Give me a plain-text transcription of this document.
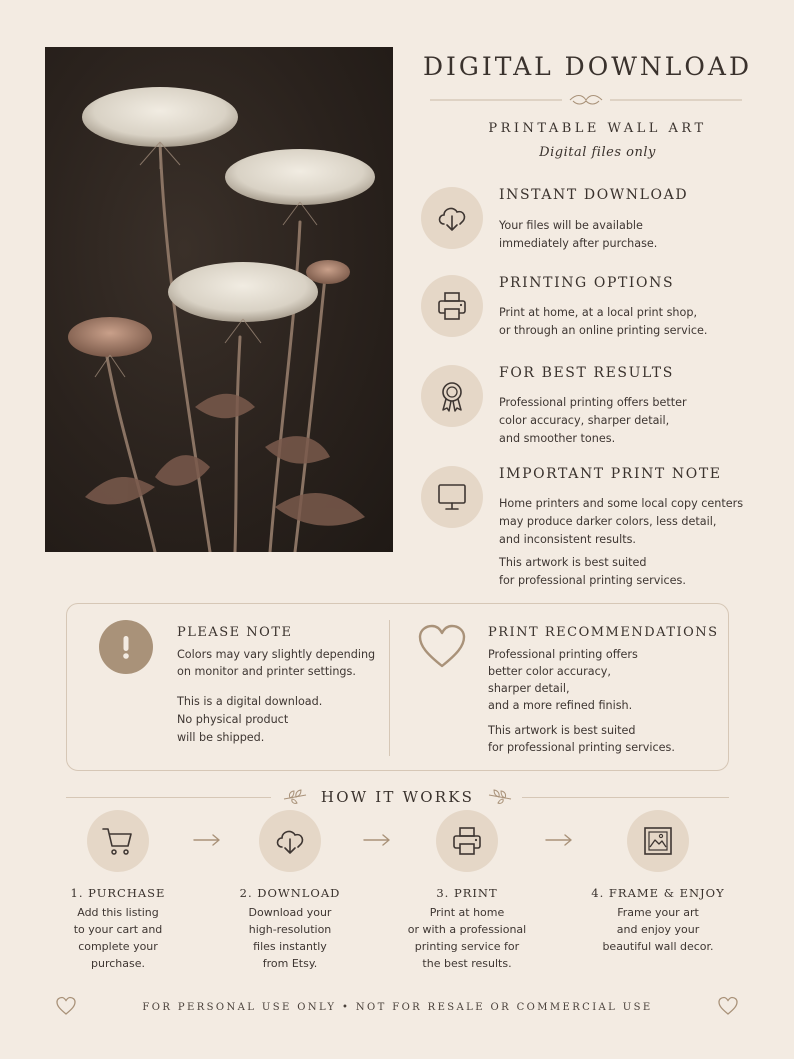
DIGITAL DOWNLOAD
PRINTABLE WALL ART
Digital files only
INSTANT DOWNLOAD

Your files will be available

immediately after purchase.

PRINTING OPTIONS

Print at home, at a local print shop,

or through an online printing service.

FOR BEST RESULTS

Professional printing offers better

color accuracy, sharper detail,

and smoother tones.

IMPORTANT PRINT NOTE

Home printers and some local copy centers

may produce darker colors, less detail,

and inconsistent results.

This artwork is best suited

for professional printing services.

PLEASE NOTE

Colors may vary slightly depending

on monitor and printer settings.

This is a digital download.

No physical product

will be shipped.

PRINT RECOMMENDATIONS

Professional printing offers

better color accuracy,

sharper detail,

and a more refined finish.

This artwork is best suited

for professional printing services.

HOW IT WORKS
1. PURCHASE

Add this listing
to your cart and
complete your
purchase.

2. DOWNLOAD

Download your
high-resolution
files instantly
from Etsy.

3. PRINT

Print at home
or with a professional
printing service for
the best results.

4. FRAME & ENJOY

Frame your art
and enjoy your
beautiful wall decor.

FOR PERSONAL USE ONLY • NOT FOR RESALE OR COMMERCIAL USE
